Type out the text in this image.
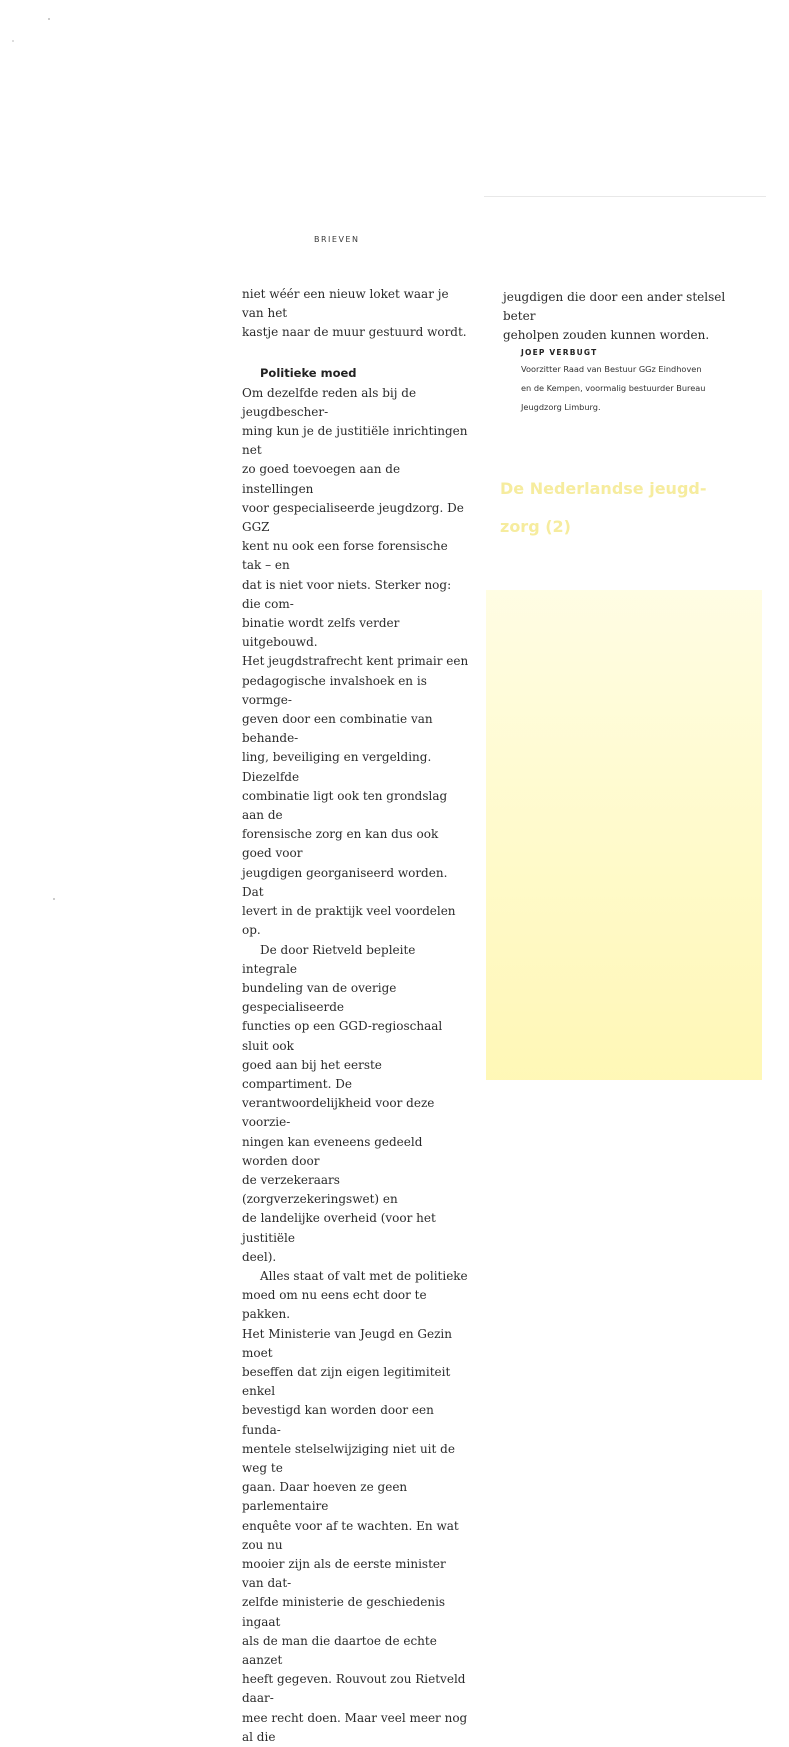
BRIEVEN

niet wéér een nieuw loket waar je van het

kastje naar de muur gestuurd wordt.

Politieke moed

Om dezelfde reden als bij de jeugdbescher-

ming kun je de justitiële inrichtingen net

zo goed toevoegen aan de instellingen

voor gespecialiseerde jeugdzorg. De GGZ

kent nu ook een forse forensische tak – en

dat is niet voor niets. Sterker nog: die com-

binatie wordt zelfs verder uitgebouwd.

Het jeugdstrafrecht kent primair een

pedagogische invalshoek en is vormge-

geven door een combinatie van behande-

ling, beveiliging en vergelding. Diezelfde

combinatie ligt ook ten grondslag aan de

forensische zorg en kan dus ook goed voor

jeugdigen georganiseerd worden. Dat

levert in de praktijk veel voordelen op.

De door Rietveld bepleite integrale

bundeling van de overige gespecialiseerde

functies op een GGD-regioschaal sluit ook

goed aan bij het eerste compartiment. De

verantwoordelijkheid voor deze voorzie-

ningen kan eveneens gedeeld worden door

de verzekeraars (zorgverzekeringswet) en

de landelijke overheid (voor het justitiële

deel).

Alles staat of valt met de politieke

moed om nu eens echt door te pakken.

Het Ministerie van Jeugd en Gezin moet

beseffen dat zijn eigen legitimiteit enkel

bevestigd kan worden door een funda-

mentele stelselwijziging niet uit de weg te

gaan. Daar hoeven ze geen parlementaire

enquête voor af te wachten. En wat zou nu

mooier zijn als de eerste minister van dat-

zelfde ministerie de geschiedenis ingaat

als de man die daartoe de echte aanzet

heeft gegeven. Rouvout zou Rietveld daar-

mee recht doen. Maar veel meer nog al die

jeugdigen die door een ander stelsel beter

geholpen zouden kunnen worden.

JOEP VERBUGT
Voorzitter Raad van Bestuur GGz Eindhoven
en de Kempen, voormalig bestuurder Bureau
Jeugdzorg Limburg.
De Nederlandse jeugd-
zorg (2)
